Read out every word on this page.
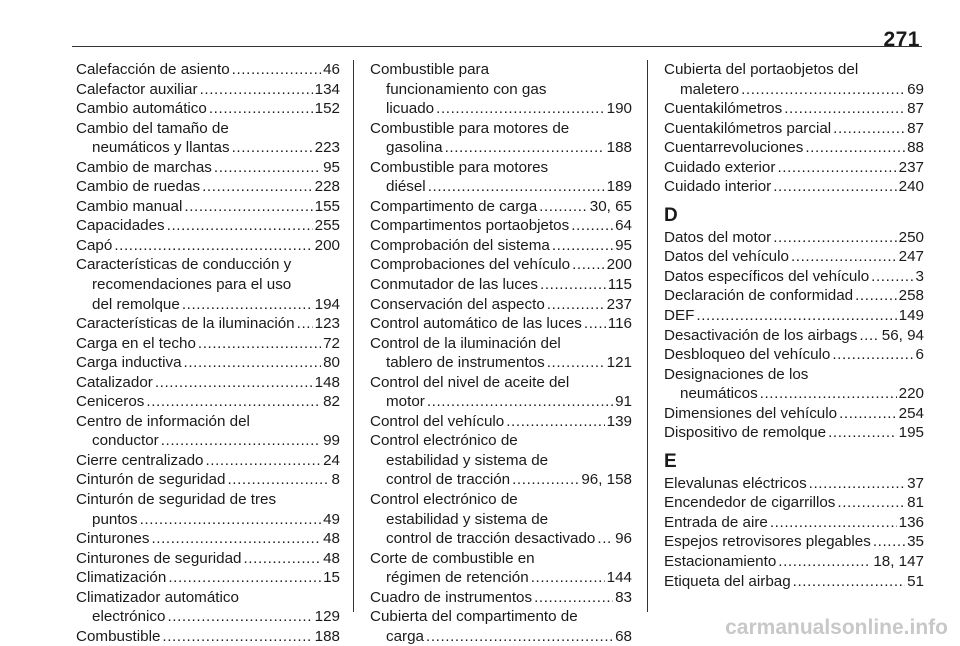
271
Calefacción de asiento .....	46
Calefactor auxiliar .....	134
Cambio automático .....	152
Cambio del tamaño de
neumáticos y llantas .....	223
Cambio de marchas .....	95
Cambio de ruedas .....	228
Cambio manual .....	155
Capacidades .....	255
Capó .....	200
Características de conducción y
recomendaciones para el uso
del remolque .....	194
Características de la iluminación ..... 123
Carga en el techo .....	72
Carga inductiva .....	80
Catalizador .....	148
Ceniceros .....	82
Centro de información del
conductor .....	99
Cierre centralizado .....	24
Cinturón de seguridad .....	8
Cinturón de seguridad de tres
puntos .....	49
Cinturones .....	48
Cinturones de seguridad .....	48
Climatización .....	15
Climatizador automático
electrónico .....	129
Combustible .....	188
Combustible para
funcionamiento con gas
licuado .....	190
Combustible para motores de
gasolina .....	188
Combustible para motores
diésel .....	189
Compartimento de carga .....	30, 65
Compartimentos portaobjetos .....	64
Comprobación del sistema .....	95
Comprobaciones del vehículo ..... 200
Conmutador de las luces .....	115
Conservación del aspecto .....	237
Control automático de las luces ..... 116
Control de la iluminación del
tablero de instrumentos .....	121
Control del nivel de aceite del
motor .....	91
Control del vehículo .....	139
Control electrónico de
estabilidad y sistema de
control de tracción .....	96, 158
Control electrónico de
estabilidad y sistema de
control de tracción desactivado ..... 96
Corte de combustible en
régimen de retención .....	144
Cuadro de instrumentos .....	83
Cubierta del compartimento de
carga .....	68
Cubierta del portaobjetos del
maletero .....	69
Cuentakilómetros .....	87
Cuentakilómetros parcial .....	87
Cuentarrevoluciones .....	88
Cuidado exterior .....	237
Cuidado interior .....	240
D
Datos del motor .....	250
Datos del vehículo .....	247
Datos específicos del vehículo .....	3
Declaración de conformidad .....	258
DEF .....	149
Desactivación de los airbags ..... 56, 94
Desbloqueo del vehículo .....	6
Designaciones de los
neumáticos .....	220
Dimensiones del vehículo .....	254
Dispositivo de remolque .....	195
E
Elevalunas eléctricos .....	37
Encendedor de cigarrillos .....	81
Entrada de aire .....	136
Espejos retrovisores plegables ..... 35
Estacionamiento .....	18, 147
Etiqueta del airbag .....	51
carmanualsonline.info
